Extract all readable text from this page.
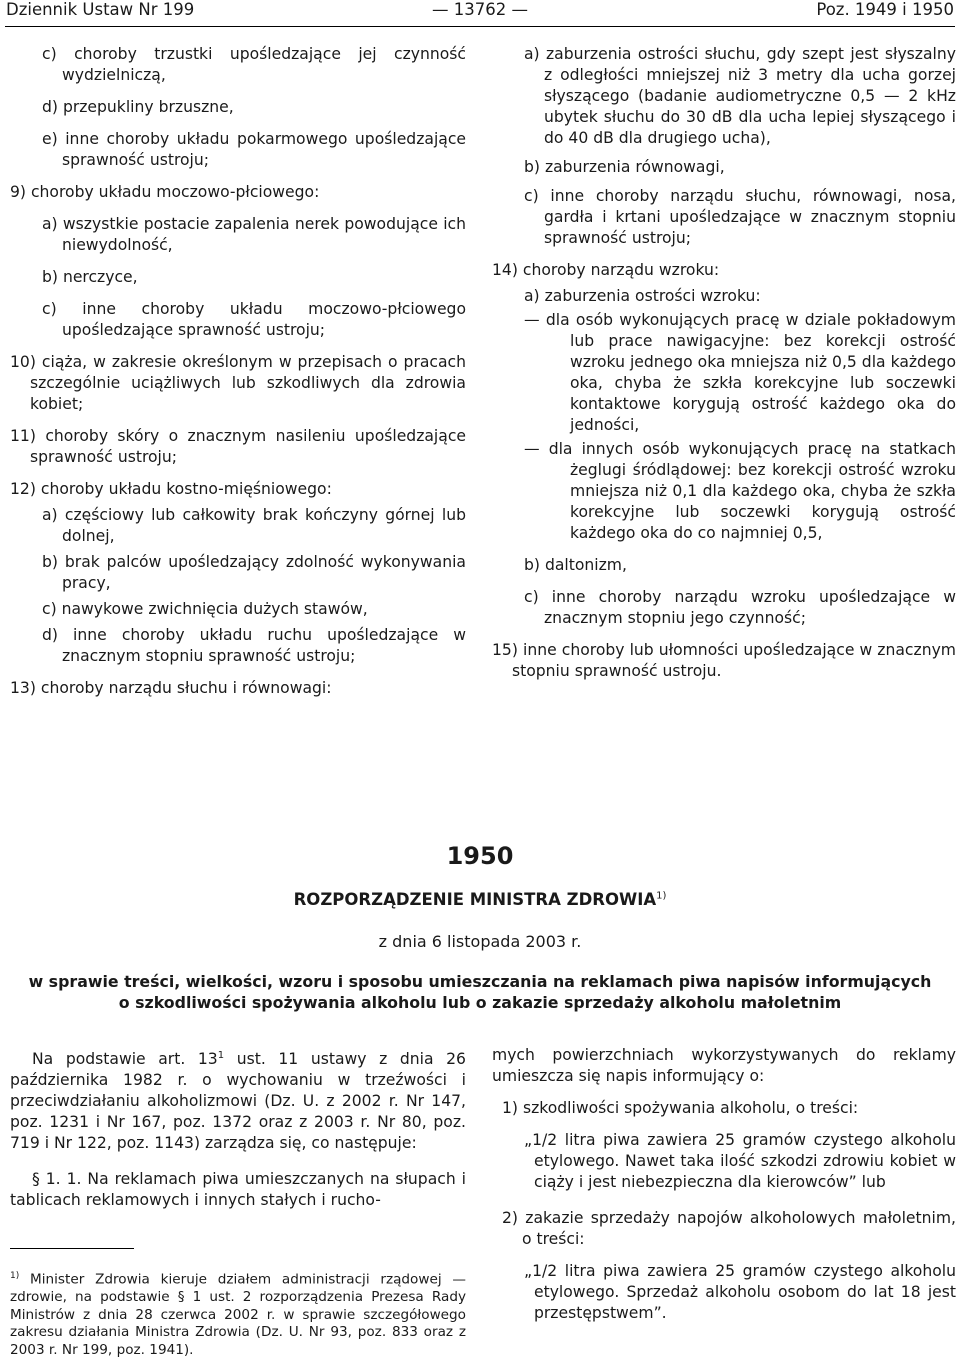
Dziennik Ustaw Nr 199	— 13762 —	Poz. 1949 i 1950

c) choroby trzustki upośledzające jej czynność wydzielniczą,

d) przepukliny brzuszne,

e) inne choroby układu pokarmowego upośledzające sprawność ustroju;

9) choroby układu moczowo-płciowego:

a) wszystkie postacie zapalenia nerek powodujące ich niewydolność,

b) nerczyce,

c) inne choroby układu moczowo-płciowego upośledzające sprawność ustroju;

10) ciąża, w zakresie określonym w przepisach o pracach szczególnie uciążliwych lub szkodliwych dla zdrowia kobiet;

11) choroby skóry o znacznym nasileniu upośledzające sprawność ustroju;

12) choroby układu kostno-mięśniowego:

a) częściowy lub całkowity brak kończyny górnej lub dolnej,

b) brak palców upośledzający zdolność wykonywania pracy,

c) nawykowe zwichnięcia dużych stawów,

d) inne choroby układu ruchu upośledzające w znacznym stopniu sprawność ustroju;

13) choroby narządu słuchu i równowagi:

a) zaburzenia ostrości słuchu, gdy szept jest słyszalny z odległości mniejszej niż 3 metry dla ucha gorzej słyszącego (badanie audiometryczne 0,5 — 2 kHz ubytek słuchu do 30 dB dla ucha lepiej słyszącego i do 40 dB dla drugiego ucha),

b) zaburzenia równowagi,

c) inne choroby narządu słuchu, równowagi, nosa, gardła i krtani upośledzające w znacznym stopniu sprawność ustroju;

14) choroby narządu wzroku:

a) zaburzenia ostrości wzroku:

— dla osób wykonujących pracę w dziale pokładowym lub prace nawigacyjne: bez korekcji ostrość wzroku jednego oka mniejsza niż 0,5 dla każdego oka, chyba że szkła korekcyjne lub soczewki kontaktowe korygują ostrość każdego oka do jedności,

— dla innych osób wykonujących pracę na statkach żeglugi śródlądowej: bez korekcji ostrość wzroku mniejsza niż 0,1 dla każdego oka, chyba że szkła korekcyjne lub soczewki korygują ostrość każdego oka do co najmniej 0,5,

b) daltonizm,

c) inne choroby narządu wzroku upośledzające w znacznym stopniu jego czynność;

15) inne choroby lub ułomności upośledzające w znacznym stopniu sprawność ustroju.

1950
ROZPORZĄDZENIE MINISTRA ZDROWIA$^{1)}$
z dnia 6 listopada 2003 r.
w sprawie treści, wielkości, wzoru i sposobu umieszczania na reklamach piwa napisów informujących
o szkodliwości spożywania alkoholu lub o zakazie sprzedaży alkoholu małoletnim

Na podstawie art. $13^1$ ust. 11 ustawy z dnia 26 października 1982 r. o wychowaniu w trzeźwości i przeciwdziałaniu alkoholizmowi (Dz. U. z 2002 r. Nr 147, poz. 1231 i Nr 167, poz. 1372 oraz z 2003 r. Nr 80, poz. 719 i Nr 122, poz. 1143) zarządza się, co następuje:

§ 1. 1. Na reklamach piwa umieszczanych na słupach i tablicach reklamowych i innych stałych i rucho-

$^{1)}$ Minister Zdrowia kieruje działem administracji rządowej — zdrowie, na podstawie § 1 ust. 2 rozporządzenia Prezesa Rady Ministrów z dnia 28 czerwca 2002 r. w sprawie szczegółowego zakresu działania Ministra Zdrowia (Dz. U. Nr 93, poz. 833 oraz z 2003 r. Nr 199, poz. 1941).

mych powierzchniach wykorzystywanych do reklamy umieszcza się napis informujący o:

1) szkodliwości spożywania alkoholu, o treści:

„1/2 litra piwa zawiera 25 gramów czystego alkoholu etylowego. Nawet taka ilość szkodzi zdrowiu kobiet w ciąży i jest niebezpieczna dla kierowców” lub

2) zakazie sprzedaży napojów alkoholowych małoletnim, o treści:

„1/2 litra piwa zawiera 25 gramów czystego alkoholu etylowego. Sprzedaż alkoholu osobom do lat 18 jest przestępstwem”.
